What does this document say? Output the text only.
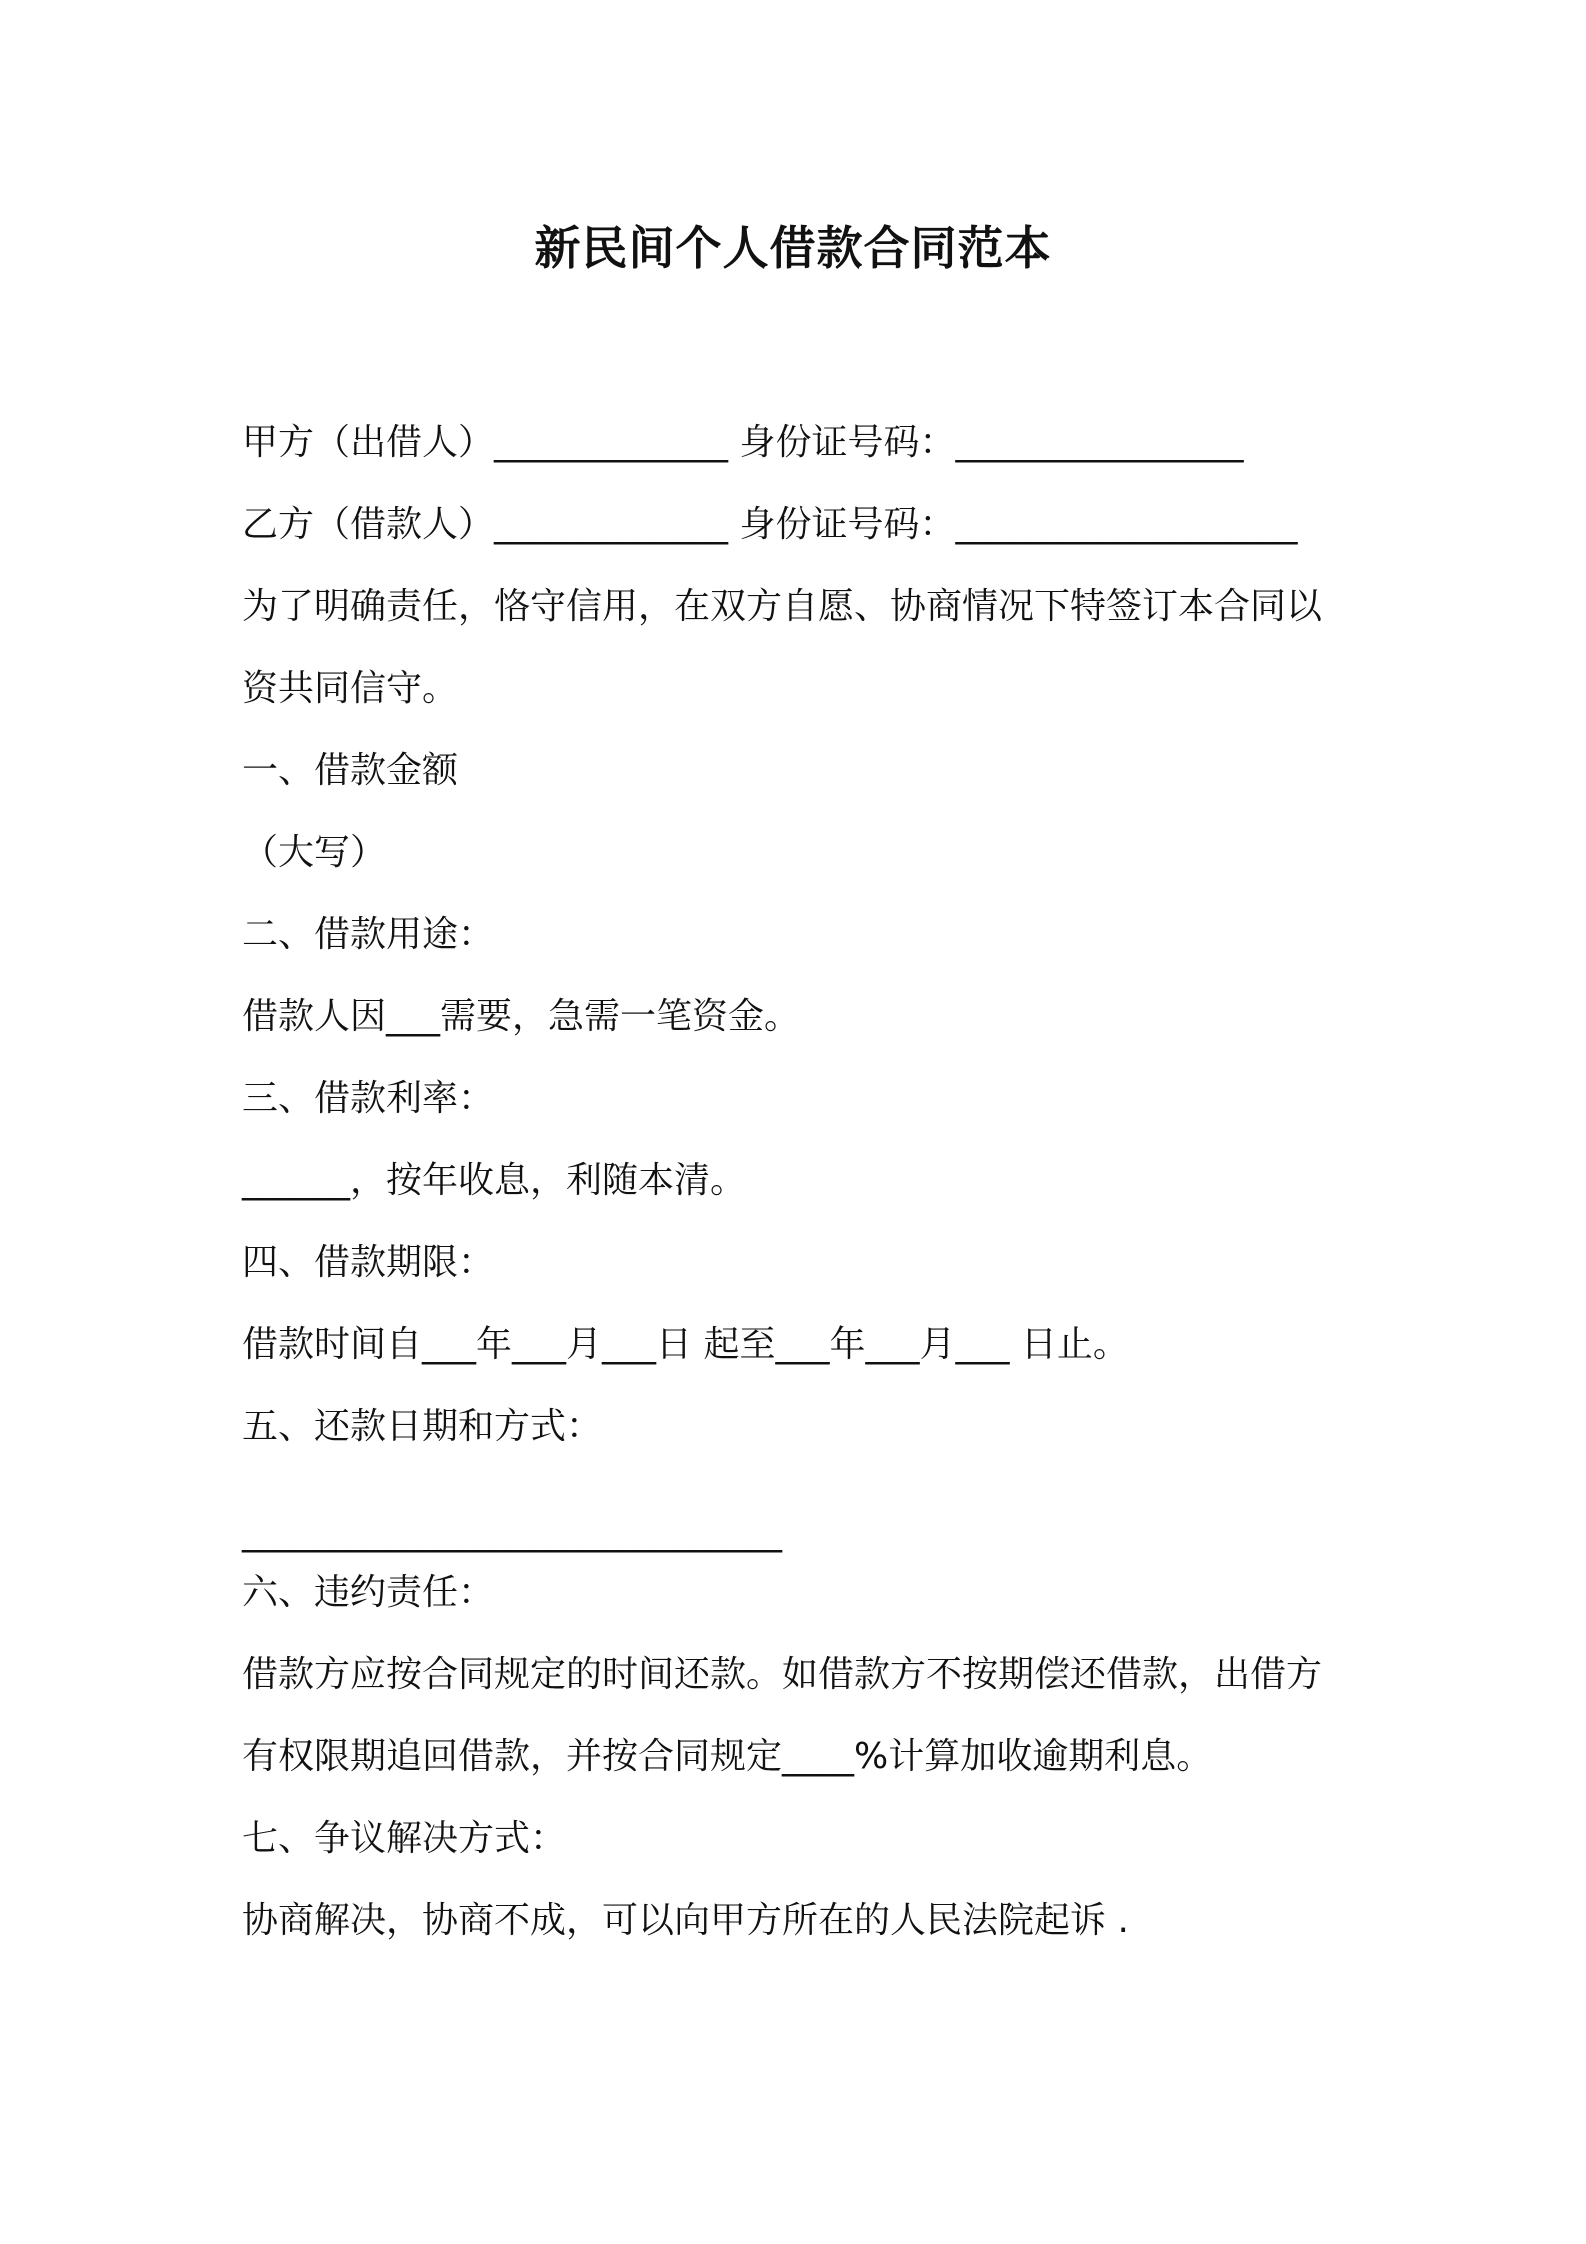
新民间个人借款合同范本
甲方（出借人）_____________ 身份证号码：________________
乙方（借款人）_____________ 身份证号码：___________________
为了明确责任，恪守信用，在双方自愿、协商情况下特签订本合同以
资共同信守。
一、借款金额
（大写）
二、借款用途：
借款人因___需要，急需一笔资金。
三、借款利率：
______，按年收息，利随本清。
四、借款期限：
借款时间自___年___月___日 起至___年___月___ 日止。
五、还款日期和方式：
______________________________
六、违约责任：
借款方应按合同规定的时间还款。如借款方不按期偿还借款，出借方
有权限期追回借款，并按合同规定____%计算加收逾期利息。
七、争议解决方式：
协商解决，协商不成，可以向甲方所在的人民法院起诉 .
